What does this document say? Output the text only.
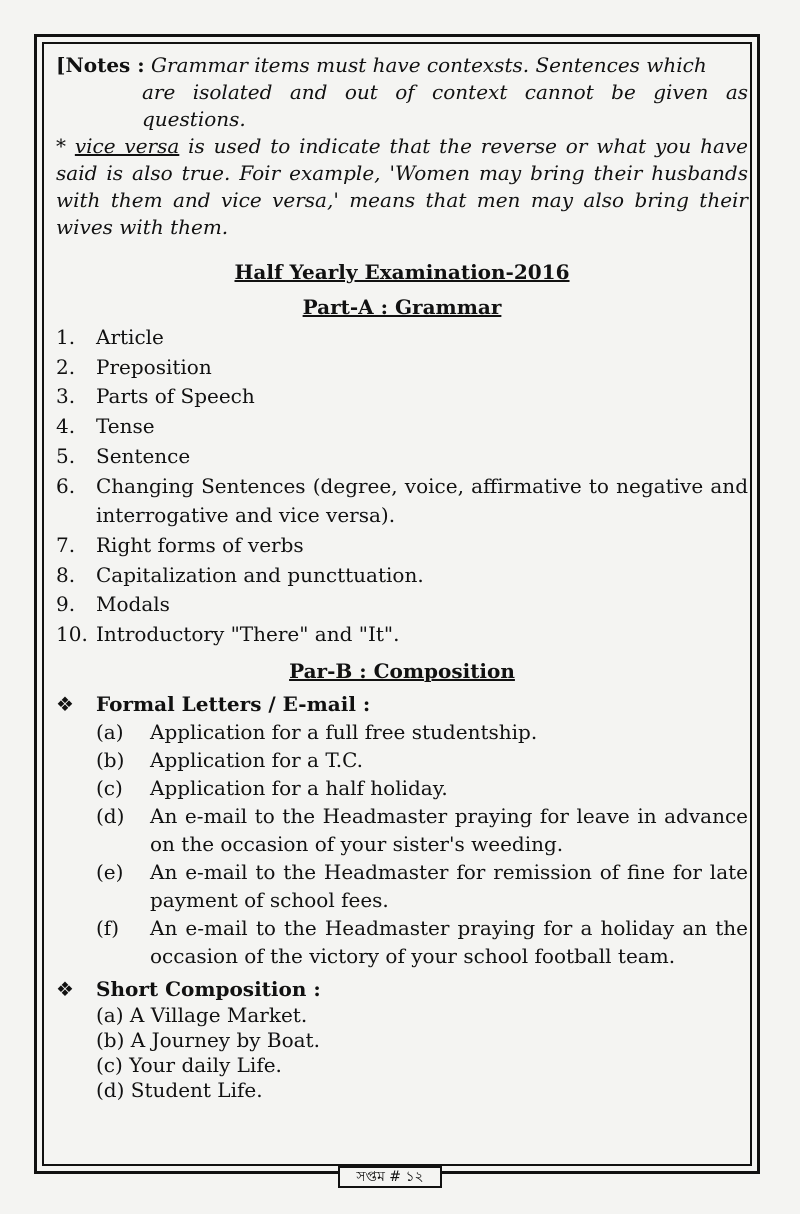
[Notes : Grammar items must have contexsts. Sentences which

are isolated and out of context cannot be given as questions.

* vice versa is used to indicate that the reverse or what you have said is also true. Foir example, 'Women may bring their husbands with them and vice versa,' means that men may also bring their wives with them.

Half Yearly Examination-2016
Part-A : Grammar
1.	Article
2.	Preposition
3.	Parts of Speech
4.	Tense
5.	Sentence
6.	Changing Sentences (degree, voice, affirmative to negative and interrogative and vice versa).
7.	Right forms of verbs
8.	Capitalization and puncttuation.
9.	Modals
10. Introductory "There" and "It".
Par-B : Composition
❖	Formal Letters / E-mail :
(a)	Application for a full free studentship.
(b)	Application for a T.C.
(c)	Application for a half holiday.
(d)	An e-mail to the Headmaster praying for leave in advance on the occasion of your sister's weeding.
(e)	An e-mail to the Headmaster for remission of fine for late payment of school fees.
(f)	An e-mail to the Headmaster praying for a holiday an the occasion of the victory of your school football team.
❖	Short Composition :
(a) A Village Market.
(b) A Journey by Boat.
(c) Your daily Life.
(d) Student Life.
সপ্তম # ১২
